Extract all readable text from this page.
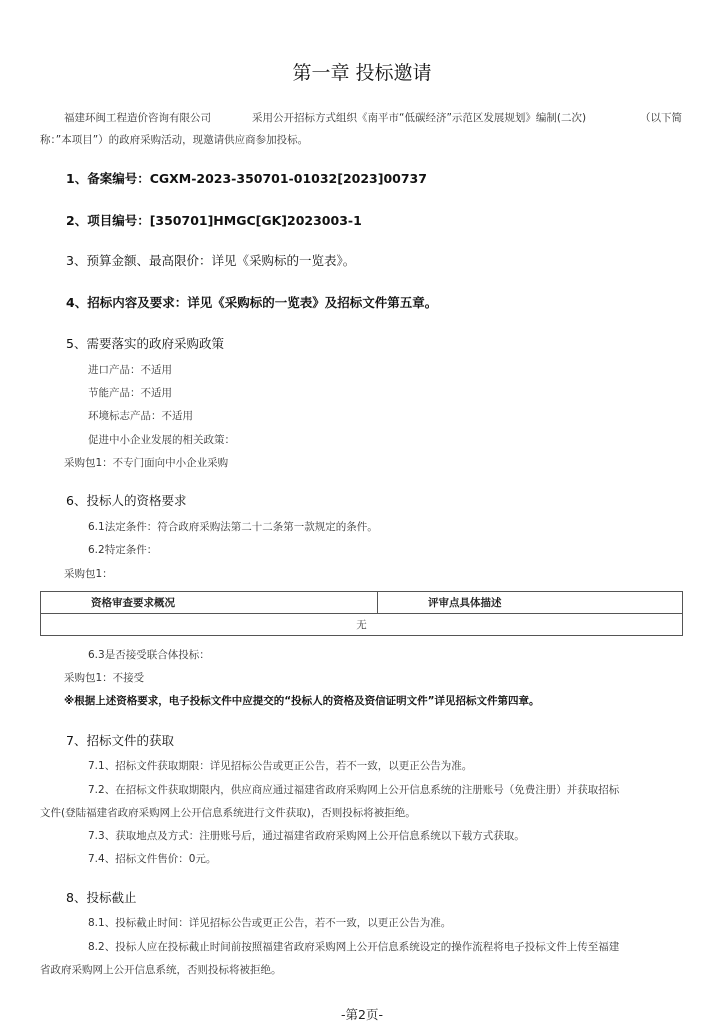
第一章 投标邀请
福建环闽工程造价咨询有限公司	采用公开招标方式组织《南平市“低碳经济”示范区发展规划》编制(二次)	（以下简
称：”本项目”）的政府采购活动，现邀请供应商参加投标。
1、备案编号：CGXM-2023-350701-01032[2023]00737
2、项目编号：[350701]HMGC[GK]2023003-1
3、预算金额、最高限价：详见《采购标的一览表》。
4、招标内容及要求：详见《采购标的一览表》及招标文件第五章。
5、需要落实的政府采购政策
进口产品：不适用
节能产品：不适用
环境标志产品：不适用
促进中小企业发展的相关政策：
采购包1：不专门面向中小企业采购
6、投标人的资格要求
6.1法定条件：符合政府采购法第二十二条第一款规定的条件。
6.2特定条件：
采购包1：
资格审查要求概况	评审点具体描述
无
6.3是否接受联合体投标：
采购包1：不接受
※根据上述资格要求，电子投标文件中应提交的“投标人的资格及资信证明文件”详见招标文件第四章。
7、招标文件的获取
7.1、招标文件获取期限：详见招标公告或更正公告，若不一致，以更正公告为准。
7.2、在招标文件获取期限内，供应商应通过福建省政府采购网上公开信息系统的注册账号（免费注册）并获取招标
文件(登陆福建省政府采购网上公开信息系统进行文件获取)，否则投标将被拒绝。
7.3、获取地点及方式：注册账号后，通过福建省政府采购网上公开信息系统以下载方式获取。
7.4、招标文件售价：0元。
8、投标截止
8.1、投标截止时间：详见招标公告或更正公告，若不一致，以更正公告为准。
8.2、投标人应在投标截止时间前按照福建省政府采购网上公开信息系统设定的操作流程将电子投标文件上传至福建
省政府采购网上公开信息系统，否则投标将被拒绝。
-第2页-
